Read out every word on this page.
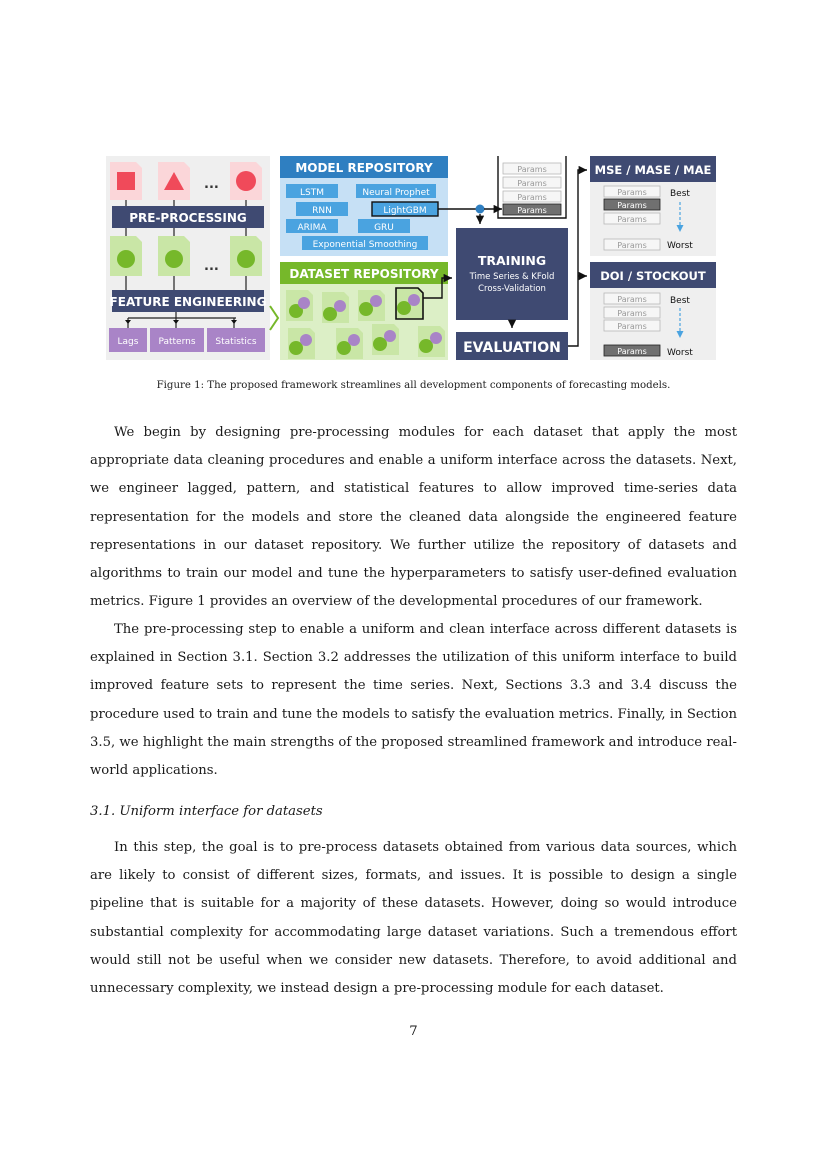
...
PRE-PROCESSING
...
FEATURE ENGINEERING
Lags Patterns Statistics
MODEL REPOSITORY
LSTM	Neural Prophet
RNN	LightGBM
ARIMA	GRU
Exponential Smoothing
DATASET REPOSITORY
Params
Params
Params
Params
TRAINING
Time Series & KFold
Cross-Validation
EVALUATION
MSE / MASE / MAE
Params
Params
Params
Params
Best
Worst
DOI / STOCKOUT
Params
Params
Params
Params
Best
Worst
Figure 1: The proposed framework streamlines all development components of forecasting models.

We begin by designing pre-processing modules for each dataset that apply the most appropriate data cleaning procedures and enable a uniform interface across the datasets. Next, we engineer lagged, pattern, and statistical features to allow improved time-series data representation for the models and store the cleaned data alongside the engineered feature representations in our dataset repository. We further utilize the repository of datasets and algorithms to train our model and tune the hyperparameters to satisfy user-defined evaluation metrics. Figure 1 provides an overview of the developmental procedures of our framework.

The pre-processing step to enable a uniform and clean interface across different datasets is explained in Section 3.1. Section 3.2 addresses the utilization of this uniform interface to build improved feature sets to represent the time series. Next, Sections 3.3 and 3.4 discuss the procedure used to train and tune the models to satisfy the evaluation metrics. Finally, in Section 3.5, we highlight the main strengths of the proposed streamlined framework and introduce real-world applications.

3.1. Uniform interface for datasets

In this step, the goal is to pre-process datasets obtained from various data sources, which are likely to consist of different sizes, formats, and issues. It is possible to design a single pipeline that is suitable for a majority of these datasets. However, doing so would introduce substantial complexity for accommodating large dataset variations. Such a tremendous effort would still not be useful when we consider new datasets. Therefore, to avoid additional and unnecessary complexity, we instead design a pre-processing module for each dataset.

7
